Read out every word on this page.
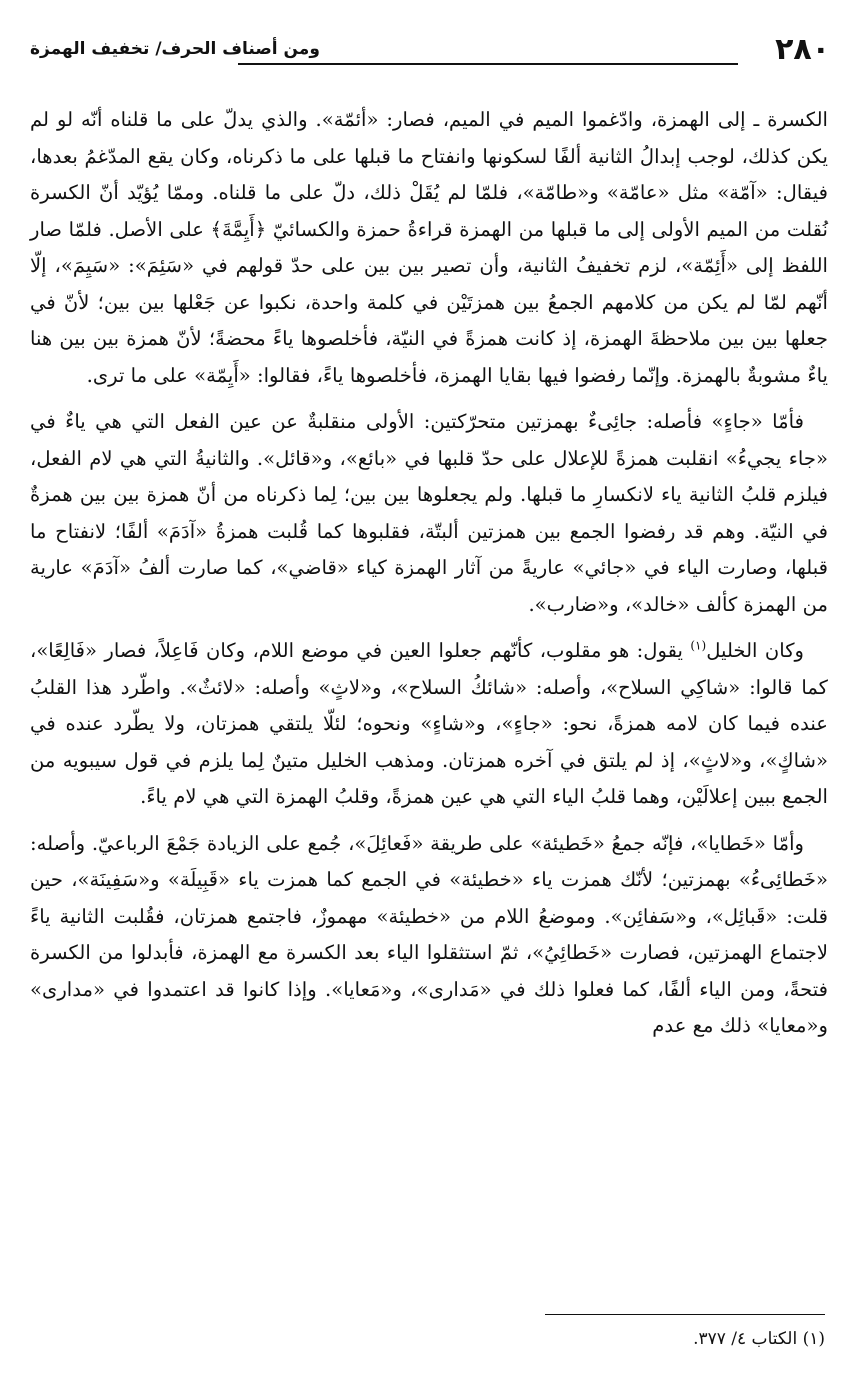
٢٨٠
ومن أصناف الحرف/ تخفيف الهمزة

الكسرة ـ إلى الهمزة، وادّغموا الميم في الميم، فصار: «أئمّة». والذي يدلّ على ما قلناه أنّه لو لم يكن كذلك، لوجب إبدالُ الثانية ألفًا لسكونها وانفتاح ما قبلها على ما ذكرناه، وكان يقع المدّغمُ بعدها، فيقال: «آمّة» مثل «عامّة» و«طامّة»، فلمّا لم يُقَلْ ذلك، دلّ على ما قلناه. وممّا يُؤيّد أنّ الكسرة نُقلت من الميم الأولى إلى ما قبلها من الهمزة قراءةُ حمزة والكسائيّ ﴿أَيِمَّةَ﴾ على الأصل. فلمّا صار اللفظ إلى «أَئِمّة»، لزم تخفيفُ الثانية، وأن تصير بين بين على حدّ قولهم في «سَئِمَ»: «سَيِمَ»، إلّا أنّهم لمّا لم يكن من كلامهم الجمعُ بين همزتَيْن في كلمة واحدة، نكبوا عن جَعْلها بين بين؛ لأنّ في جعلها بين بين ملاحظةَ الهمزة، إذ كانت همزةً في النيّة، فأخلصوها ياءً محضةً؛ لأنّ همزة بين بين هنا ياءٌ مشوبةٌ بالهمزة. وإنّما رفضوا فيها بقايا الهمزة، فأخلصوها ياءً، فقالوا: «أَيِمّة» على ما ترى.

فأمّا «جاءٍ» فأصله: جائِىءٌ بهمزتين متحرّكتين: الأولى منقلبةٌ عن عين الفعل التي هي ياءٌ في «جاء يجيءُ» انقلبت همزةً للإعلال على حدّ قلبها في «بائع»، و«قائل». والثانيةُ التي هي لام الفعل، فيلزم قلبُ الثانية ياء لانكسارِ ما قبلها. ولم يجعلوها بين بين؛ لِما ذكرناه من أنّ همزة بين بين همزةٌ في النيّة. وهم قد رفضوا الجمع بين همزتين ألبتّة، فقلبوها كما قُلبت همزةُ «آدَمَ» ألفًا؛ لانفتاح ما قبلها، وصارت الياء في «جائي» عاريةً من آثار الهمزة كياء «قاضي»، كما صارت ألفُ «آدَمَ» عارية من الهمزة كألف «خالد»، و«ضارب».

وكان الخليل$^{(١)}$ يقول: هو مقلوب، كأنّهم جعلوا العين في موضع اللام، وكان فَاعِلاً، فصار «فَالِعًا»، كما قالوا: «شاكِي السلاح»، وأصله: «شائكُ السلاح»، و«لاثٍ» وأصله: «لائثٌ». واطّرد هذا القلبُ عنده فيما كان لامه همزةً، نحو: «جاءٍ»، و«شاءٍ» ونحوه؛ لئلّا يلتقي همزتان، ولا يطّرد عنده في «شاكٍ»، و«لاثٍ»، إذ لم يلتق في آخره همزتان. ومذهب الخليل متينٌ لِما يلزم في قول سيبويه من الجمع ببين إعلالَيْن، وهما قلبُ الياء التي هي عين همزةً، وقلبُ الهمزة التي هي لام ياءً.

وأمّا «خَطايا»، فإنّه جمعُ «خَطيئة» على طريقة «فَعائِلَ»، جُمع على الزيادة جَمْعَ الرباعيّ. وأصله: «خَطائِىءُ» بهمزتين؛ لأنّك همزت ياء «خطيئة» في الجمع كما همزت ياء «قَبِيلَة» و«سَفِينَة»، حين قلت: «قَبائِل»، و«سَفائِن». وموضعُ اللام من «خطيئة» مهموزٌ، فاجتمع همزتان، فقُلبت الثانية ياءً لاجتماع الهمزتين، فصارت «خَطائِيُ»، ثمّ استثقلوا الياء بعد الكسرة مع الهمزة، فأبدلوا من الكسرة فتحةً، ومن الياء ألفًا، كما فعلوا ذلك في «مَدارى»، و«مَعايا». وإذا كانوا قد اعتمدوا في «مدارى» و«معايا» ذلك مع عدم

(١) الكتاب ٤/ ٣٧٧.
